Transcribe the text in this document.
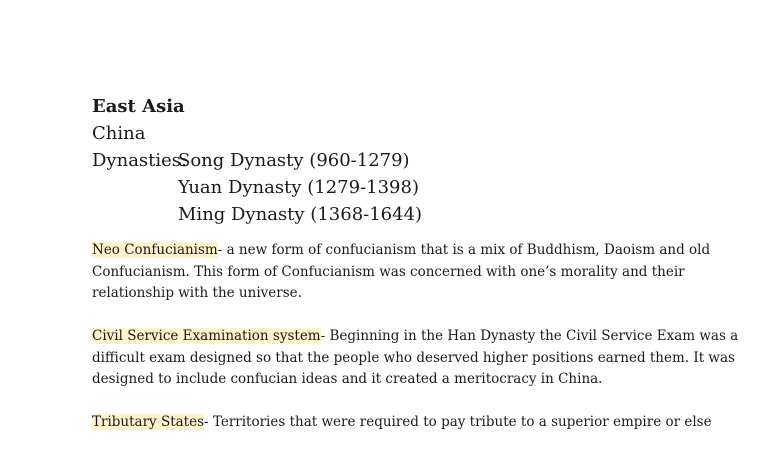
East Asia
China
Dynasties:
Song Dynasty (960-1279)
Yuan Dynasty (1279-1398)
Ming Dynasty (1368-1644)

Neo Confucianism- a new form of confucianism that is a mix of Buddhism, Daoism and old Confucianism. This form of Confucianism was concerned with one’s morality and their relationship with the universe.

Civil Service Examination system- Beginning in the Han Dynasty the Civil Service Exam was a difficult exam designed so that the people who deserved higher positions earned them. It was designed to include confucian ideas and it created a meritocracy in China.

Tributary States- Territories that were required to pay tribute to a superior empire or else
